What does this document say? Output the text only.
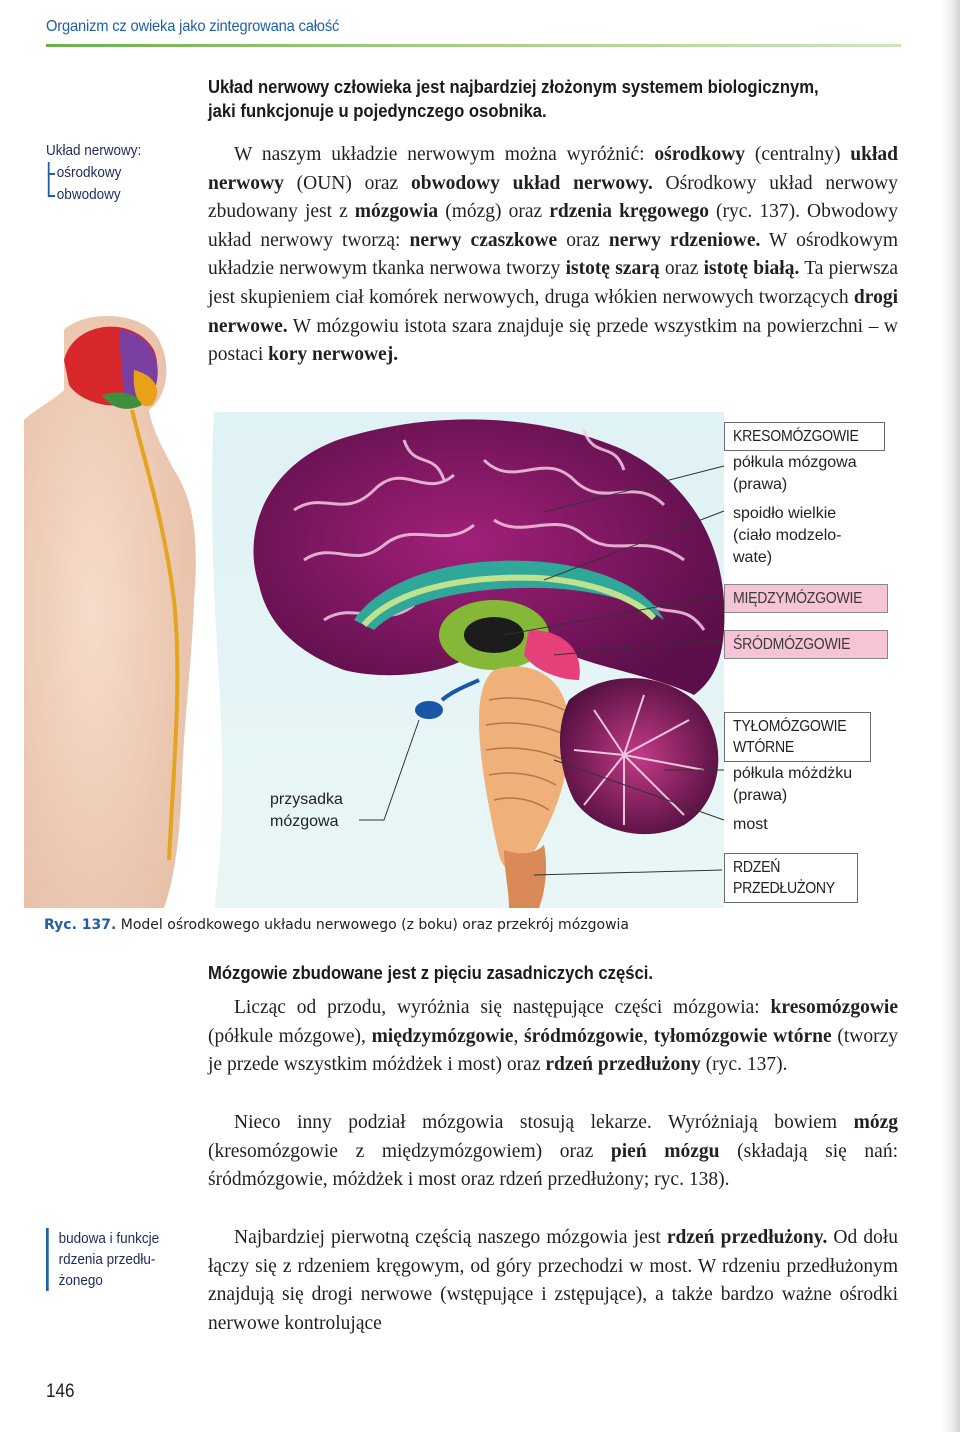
Organizm cz owieka jako zintegrowana całość
Układ nerwowy:
ośrodkowy
obwodowy
Układ nerwowy człowieka jest najbardziej złożonym systemem biologicznym, jaki funkcjonuje u pojedynczego osobnika.
W naszym układzie nerwowym można wyróżnić: ośrodkowy (centralny) układ nerwowy (OUN) oraz obwodowy układ nerwowy. Ośrodkowy układ nerwowy zbudowany jest z mózgowia (mózg) oraz rdzenia kręgowego (ryc. 137). Obwodowy układ nerwowy tworzą: nerwy czaszkowe oraz nerwy rdzeniowe. W ośrodkowym układzie nerwowym tkanka nerwowa tworzy istotę szarą oraz istotę białą. Ta pierwsza jest skupieniem ciał komórek nerwowych, druga włókien nerwowych tworzących drogi nerwowe. W mózgowiu istota szara znajduje się przede wszystkim na powierzchni – w postaci kory nerwowej.
KRESOMÓZGOWIE
półkula mózgowa
(prawa)
spoidło wielkie
(ciało modzelo-
wate)
MIĘDZYMÓZGOWIE
ŚRÓDMÓZGOWIE
TYŁOMÓZGOWIE
WTÓRNE
półkula móżdżku
(prawa)
most
RDZEŃ
PRZEDŁUŻONY
przysadka
mózgowa
Ryc. 137. Model ośrodkowego układu nerwowego (z boku) oraz przekrój mózgowia
Mózgowie zbudowane jest z pięciu zasadniczych części.
Licząc od przodu, wyróżnia się następujące części mózgowia: kresomózgowie (półkule mózgowe), międzymózgowie, śródmózgowie, tyłomózgowie wtórne (tworzy je przede wszystkim móżdżek i most) oraz rdzeń przedłużony (ryc. 137).
Nieco inny podział mózgowia stosują lekarze. Wyróżniają bowiem mózg (kresomózgowie z międzymózgowiem) oraz pień mózgu (składają się nań: śródmózgowie, móżdżek i most oraz rdzeń przedłużony; ryc. 138).
Najbardziej pierwotną częścią naszego mózgowia jest rdzeń przedłużony. Od dołu łączy się z rdzeniem kręgowym, od góry przechodzi w most. W rdzeniu przedłużonym znajdują się drogi nerwowe (wstępujące i zstępujące), a także bardzo ważne ośrodki nerwowe kontrolujące
budowa i funkcje
rdzenia przedłu-
żonego
146
